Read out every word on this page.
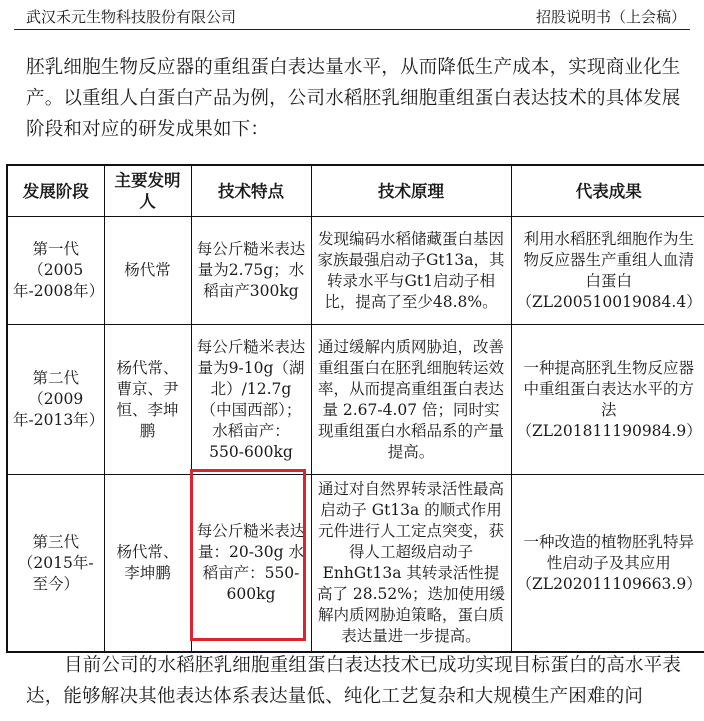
武汉禾元生物科技股份有限公司	招股说明书（上会稿）
胚乳细胞生物反应器的重组蛋白表达量水平，从而降低生产成本，实现商业化生产。以重组人白蛋白产品为例，公司水稻胚乳细胞重组蛋白表达技术的具体发展阶段和对应的研发成果如下：
发展阶段	主要发明人	技术特点	技术原理	代表成果
第一代（2005年-2008年）	杨代常	每公斤糙米表达量为2.75g；水稻亩产300kg	发现编码水稻储藏蛋白基因家族最强启动子Gt13a，其转录水平与Gt1启动子相比，提高了至少48.8%。	利用水稻胚乳细胞作为生物反应器生产重组人血清白蛋白（ZL200510019084.4）
第二代（2009年-2013年）	杨代常、曹京、尹恒、李坤鹏	每公斤糙米表达量为9-10g（湖北）/12.7g（中国西部）；水稻亩产：550-600kg	通过缓解内质网胁迫，改善重组蛋白在胚乳细胞转运效率，从而提高重组蛋白表达量 2.67-4.07 倍；同时实现重组蛋白水稻品系的产量提高。	一种提高胚乳生物反应器中重组蛋白表达水平的方法（ZL201811190984.9）
第三代（2015年-至今）	杨代常、李坤鹏	每公斤糙米表达量：20-30g 水稻亩产：550-600kg	通过对自然界转录活性最高启动子 Gt13a 的顺式作用元件进行人工定点突变，获得人工超级启动子EnhGt13a 其转录活性提高了 28.52%；迭加使用缓解内质网胁迫策略，蛋白质表达量进一步提高。	一种改造的植物胚乳特异性启动子及其应用（ZL202011109663.9）
目前公司的水稻胚乳细胞重组蛋白表达技术已成功实现目标蛋白的高水平表达，能够解决其他表达体系表达量低、纯化工艺复杂和大规模生产困难的问
